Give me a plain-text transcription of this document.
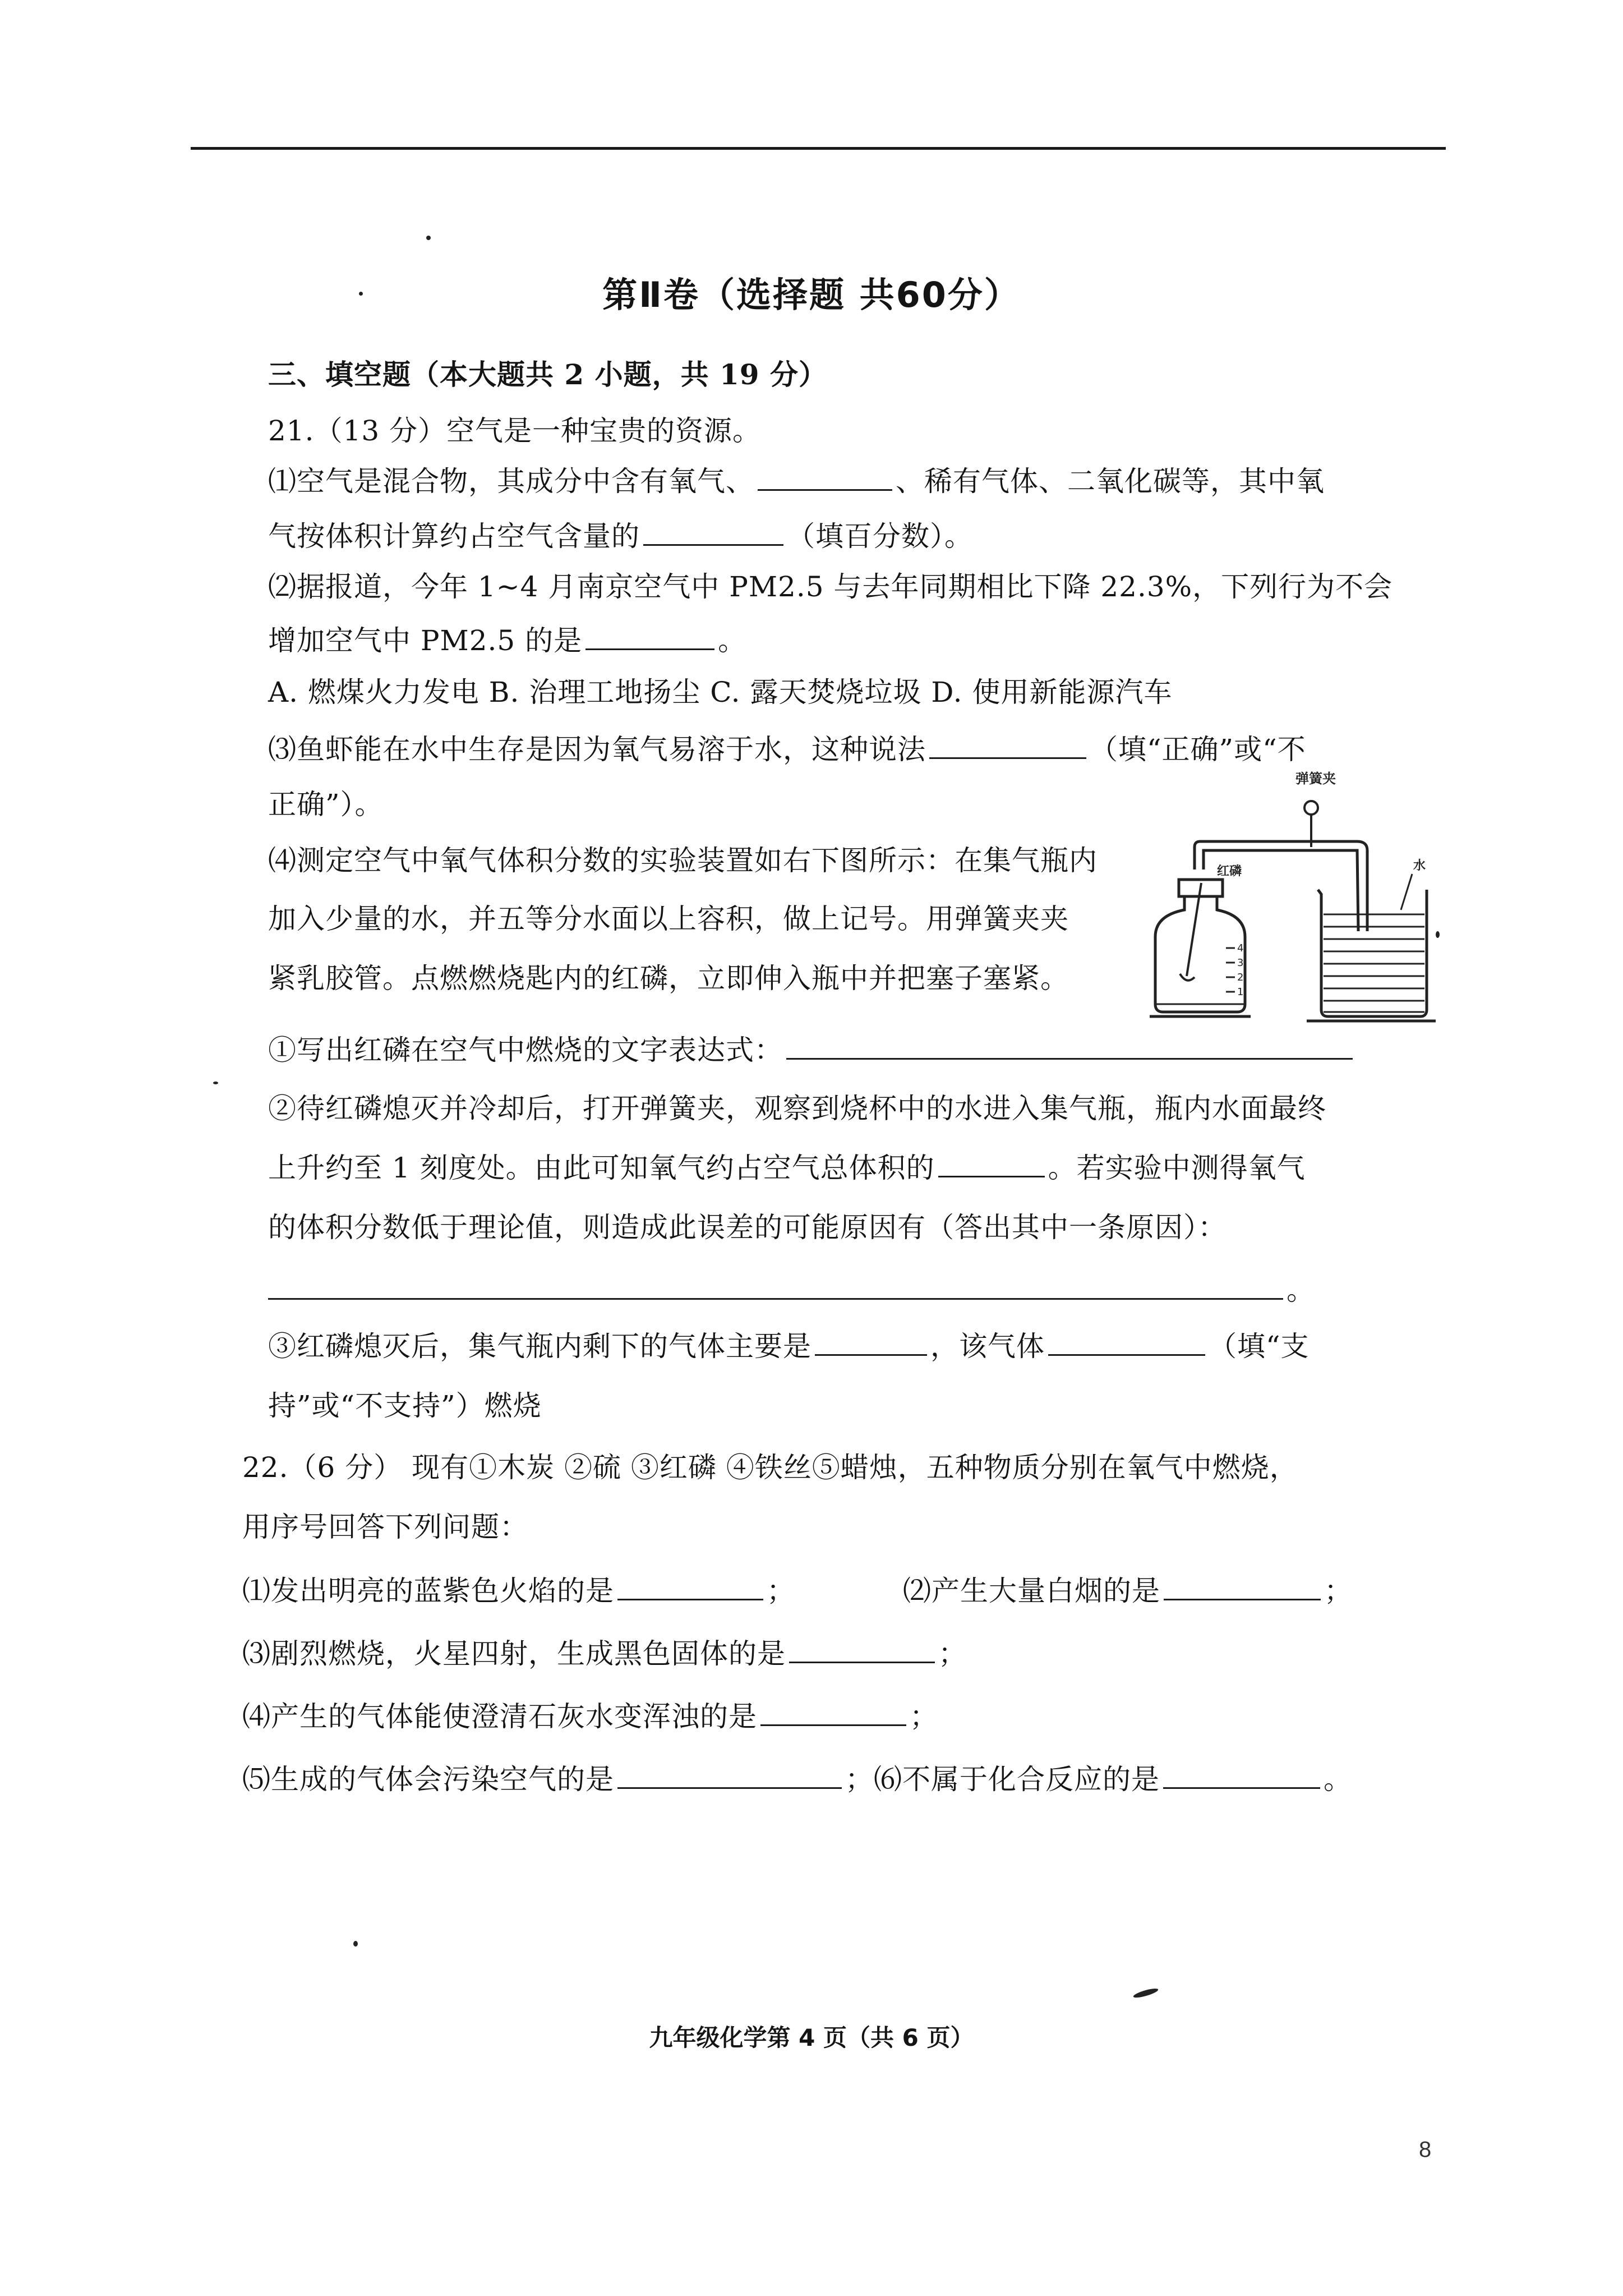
第Ⅱ卷（选择题 共60分）
三、填空题（本大题共 2 小题，共 19 分）
21.（13 分）空气是一种宝贵的资源。
⑴空气是混合物，其成分中含有氧气、	、稀有气体、二氧化碳等，其中氧
气按体积计算约占空气含量的	（填百分数）。
⑵据报道，今年 1~4 月南京空气中 PM2.5 与去年同期相比下降 22.3%，下列行为不会
增加空气中 PM2.5 的是	。
A. 燃煤火力发电 B. 治理工地扬尘 C. 露天焚烧垃圾 D. 使用新能源汽车
⑶鱼虾能在水中生存是因为氧气易溶于水，这种说法	（填“正确”或“不
正确”）。
⑷测定空气中氧气体积分数的实验装置如右下图所示：在集气瓶内
加入少量的水，并五等分水面以上容积，做上记号。用弹簧夹夹
紧乳胶管。点燃燃烧匙内的红磷，立即伸入瓶中并把塞子塞紧。
①写出红磷在空气中燃烧的文字表达式：
②待红磷熄灭并冷却后，打开弹簧夹，观察到烧杯中的水进入集气瓶，瓶内水面最终
上升约至 1 刻度处。由此可知氧气约占空气总体积的	。若实验中测得氧气
的体积分数低于理论值，则造成此误差的可能原因有（答出其中一条原因）：
。
③红磷熄灭后，集气瓶内剩下的气体主要是	，该气体	（填“支
持”或“不支持”）燃烧
22.（6 分） 现有①木炭 ②硫 ③红磷 ④铁丝⑤蜡烛，五种物质分别在氧气中燃烧，
用序号回答下列问题：
⑴发出明亮的蓝紫色火焰的是	；	⑵产生大量白烟的是	；
⑶剧烈燃烧，火星四射，生成黑色固体的是	；
⑷产生的气体能使澄清石灰水变浑浊的是	；
⑸生成的气体会污染空气的是	；⑹不属于化合反应的是	。
弹簧夹
红磷
4
3
2
1
水
九年级化学第 4 页（共 6 页）
8
